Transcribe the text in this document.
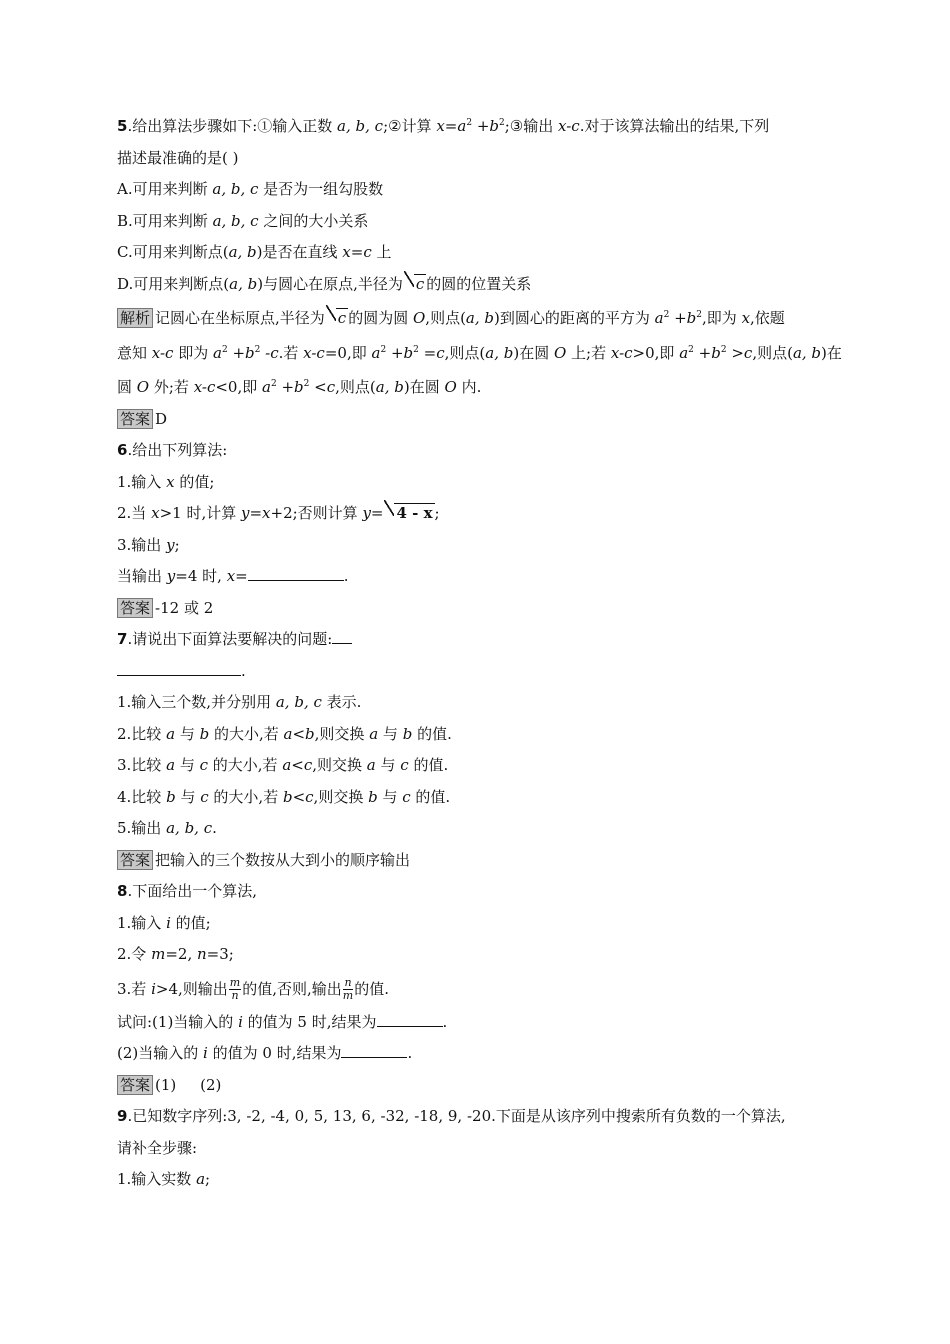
5.给出算法步骤如下:①输入正数 a, b, c;②计算 $x=a^2$ $+b^2;③$输出 x-c.对于该算法输出的结果,下列
描述最准确的是( )
A.可用来判断 a, b, c 是否为一组勾股数
B.可用来判断 a, b, c 之间的大小关系
C.可用来判断点(a, b)是否在直线 x=c 上
D.可用来判断点(a, b)与圆心在原点,半径为 c 的圆的位置关系
解析 记圆心在坐标原点,半径为 c 的圆为圆 O,则点(a, b)到圆心的距离的平方为 $a^2 +b^2$,即为 x,依题
意知 x-c 即为 $a^2 +b^2$ -c.若 x-c=0,即 $a^2 +b^2 =c$,则点(a, b)在圆 O 上;若 x-c>0,即 $a^2 +b^2 >c$,则点(a, b)在
圆 O 外;若 x-c<0,即 $a^2 +b^2 <c$,则点(a, b)在圆 O 内.
答案 D
6.给出下列算法:
1.输入 x 的值;
2.当 x>1 时,计算 y=x+2;否则计算 y= 4 - x ;
3.输出 y;
当输出 y=4 时, x=	.
答案 -12 或 2
7.请说出下面算法要解决的问题:
.
1.输入三个数,并分别用 a, b, c 表示.
2.比较 a 与 b 的大小,若 a<b,则交换 a 与 b 的值.
3.比较 a 与 c 的大小,若 a<c,则交换 a 与 c 的值.
4.比较 b 与 c 的大小,若 b<c,则交换 b 与 c 的值.
5.输出 a, b, c.
答案 把输入的三个数按从大到小的顺序输出
8.下面给出一个算法,
1.输入 i 的值;
2.令 m=2, n=3;
3.若 i>4,则输出 $\frac{m}{n}$ 的值,否则,输出 $\frac{n}{m}$ 的值.
试问:(1)当输入的 i 的值为 5 时,结果为	.
(2)当输入的 i 的值为 0 时,结果为	.
答案 (1)     (2)
9.已知数字序列:3, -2, -4, 0, 5, 13, 6, -32, -18, 9, -20.下面是从该序列中搜索所有负数的一个算法,
请补全步骤:
1.输入实数 a;
